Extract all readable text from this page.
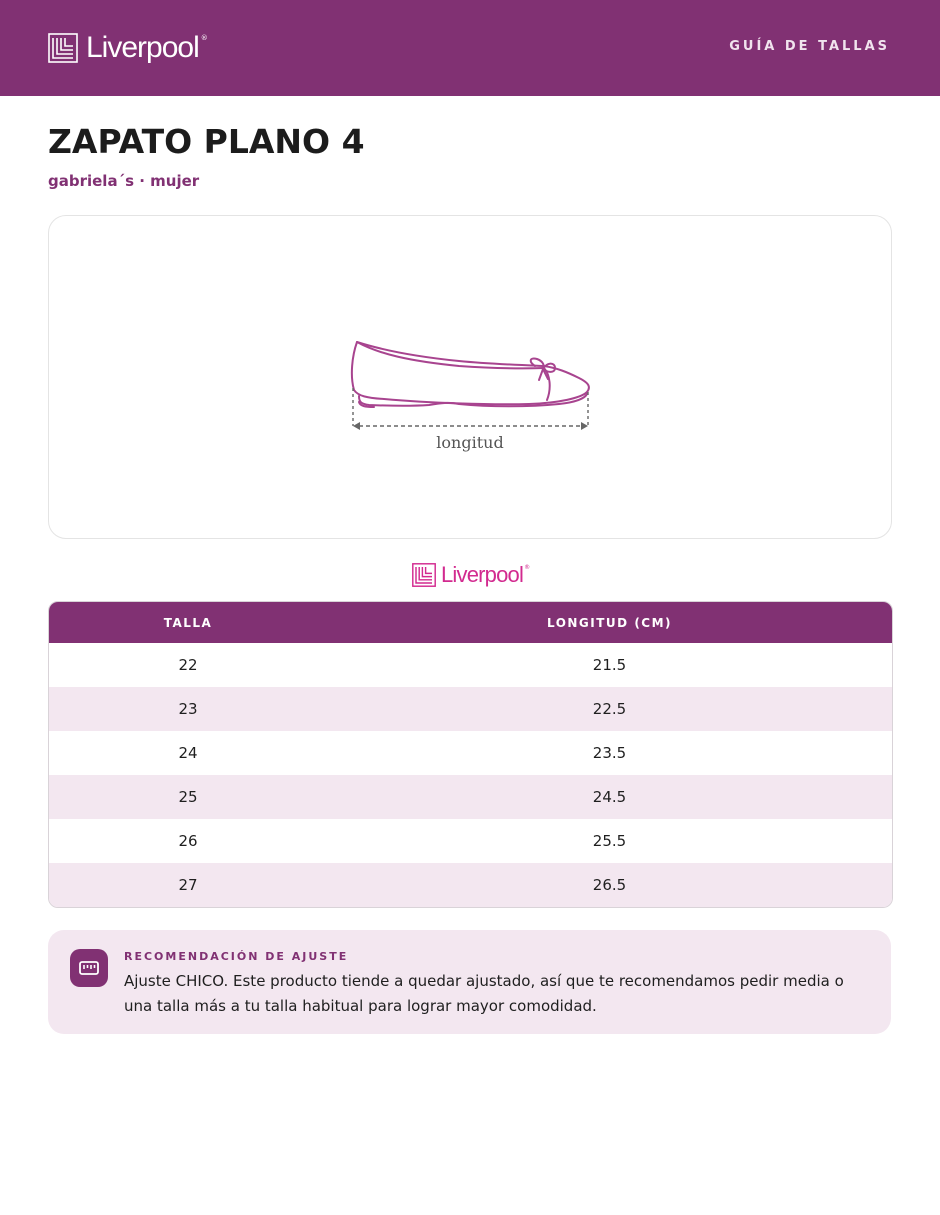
Liverpool ®
GUÍA DE TALLAS
ZAPATO PLANO 4
gabriela´s · mujer
longitud
Liverpool ®
TALLA	LONGITUD (CM)
22	21.5
23	22.5
24	23.5
25	24.5
26	25.5
27	26.5
RECOMENDACIÓN DE AJUSTE

Ajuste CHICO. Este producto tiende a quedar ajustado, así que te recomendamos pedir media o una talla más a tu talla habitual para lograr mayor comodidad.
